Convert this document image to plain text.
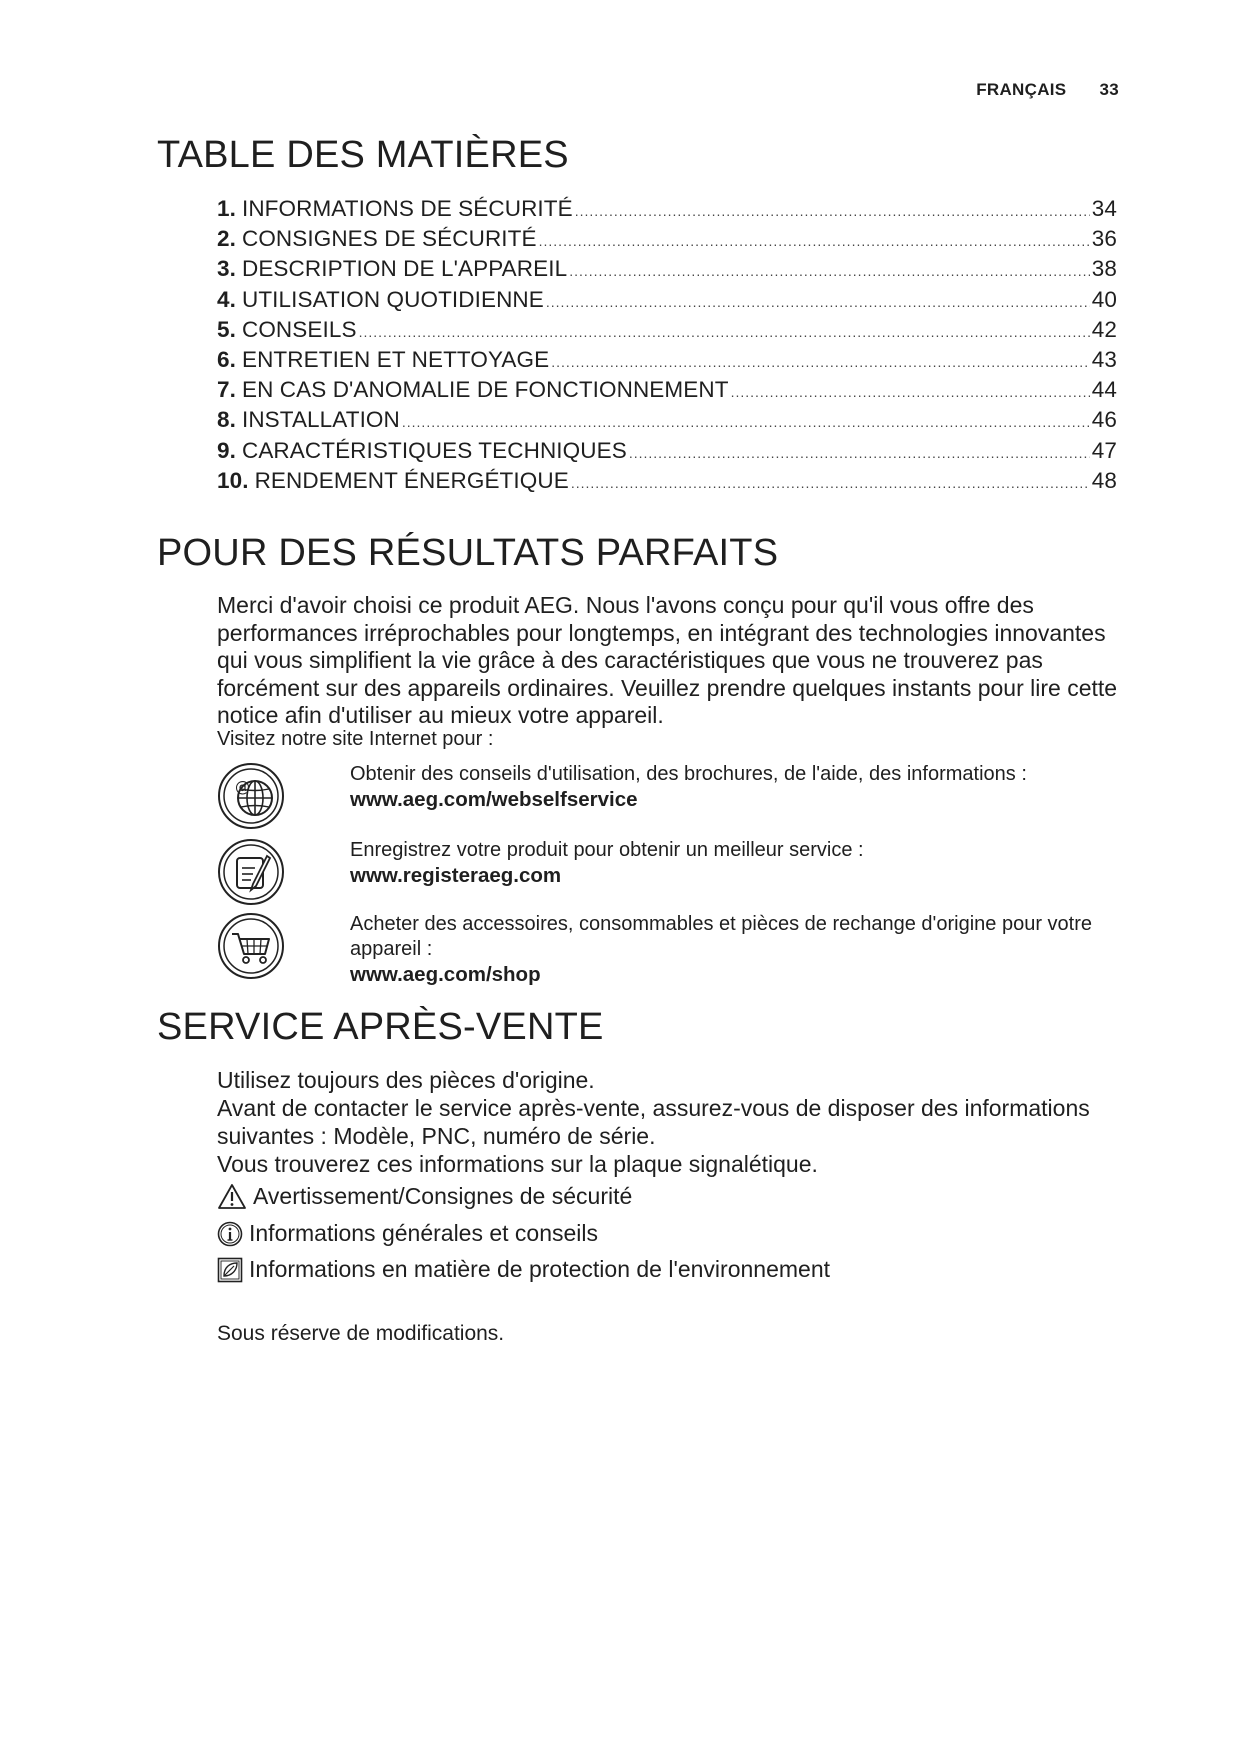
FRANÇAIS 33
TABLE DES MATIÈRES
1. INFORMATIONS DE SÉCURITÉ .....	34
2. CONSIGNES DE SÉCURITÉ .....	36
3. DESCRIPTION DE L'APPAREIL .....	38
4. UTILISATION QUOTIDIENNE .....	40
5. CONSEILS .....	42
6. ENTRETIEN ET NETTOYAGE .....	43
7. EN CAS D'ANOMALIE DE FONCTIONNEMENT .....	44
8. INSTALLATION .....	46
9. CARACTÉRISTIQUES TECHNIQUES .....	47
10. RENDEMENT ÉNERGÉTIQUE .....	48
POUR DES RÉSULTATS PARFAITS

Merci d'avoir choisi ce produit AEG. Nous l'avons conçu pour qu'il vous offre des performances irréprochables pour longtemps, en intégrant des technologies innovantes qui vous simplifient la vie grâce à des caractéristiques que vous ne trouverez pas forcément sur des appareils ordinaires. Veuillez prendre quelques instants pour lire cette notice afin d'utiliser au mieux votre appareil.

Visitez notre site Internet pour :
@
Obtenir des conseils d'utilisation, des brochures, de l'aide, des informations :
www.aeg.com/webselfservice
Enregistrez votre produit pour obtenir un meilleur service :
www.registeraeg.com
Acheter des accessoires, consommables et pièces de rechange d'origine pour votre appareil :
www.aeg.com/shop
SERVICE APRÈS-VENTE

Utilisez toujours des pièces d'origine.

Avant de contacter le service après-vente, assurez-vous de disposer des informations suivantes : Modèle, PNC, numéro de série.

Vous trouverez ces informations sur la plaque signalétique.

Avertissement/Consignes de sécurité
Informations générales et conseils
Informations en matière de protection de l'environnement
Sous réserve de modifications.
